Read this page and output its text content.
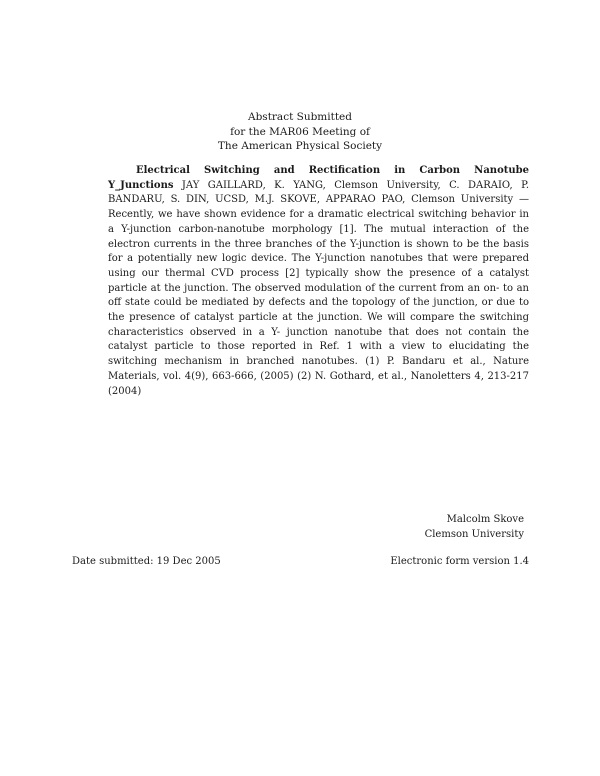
Abstract Submitted
for the MAR06 Meeting of
The American Physical Society
Electrical Switching and Rectification in Carbon Nanotube Y_Junctions JAY GAILLARD, K. YANG, Clemson University, C. DARAIO, P. BANDARU, S. DIN, UCSD, M.J. SKOVE, APPARAO PAO, Clemson University — Recently, we have shown evidence for a dramatic electrical switching behavior in a Y-junction carbon-nanotube morphology [1]. The mutual interaction of the electron currents in the three branches of the Y-junction is shown to be the basis for a potentially new logic device. The Y-junction nanotubes that were prepared using our thermal CVD process [2] typically show the presence of a catalyst particle at the junction. The observed modulation of the current from an on- to an off state could be mediated by defects and the topology of the junction, or due to the presence of catalyst particle at the junction. We will compare the switching characteristics observed in a Y- junction nanotube that does not contain the catalyst particle to those reported in Ref. 1 with a view to elucidating the switching mechanism in branched nanotubes. (1) P. Bandaru et al., Nature Materials, vol. 4(9), 663-666, (2005) (2) N. Gothard, et al., Nanoletters 4, 213-217 (2004)
Malcolm Skove
Clemson University
Date submitted: 19 Dec 2005	Electronic form version 1.4
